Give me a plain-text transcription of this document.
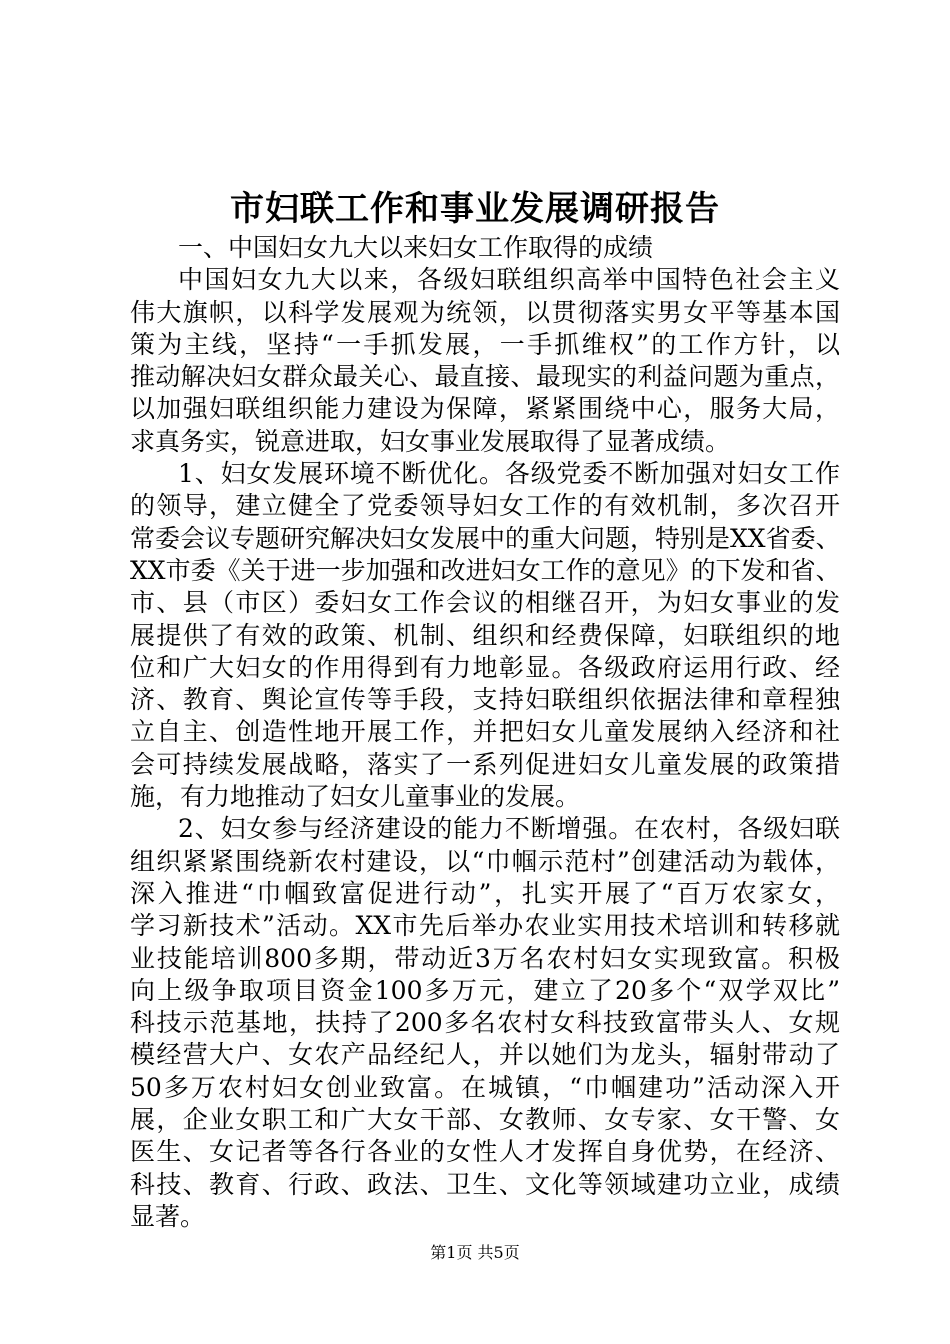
市妇联工作和事业发展调研报告
一、中国妇女九大以来妇女工作取得的成绩
中国妇女九大以来，各级妇联组织高举中国特色社会主义
伟大旗帜，以科学发展观为统领，以贯彻落实男女平等基本国
策为主线，坚持“一手抓发展，一手抓维权”的工作方针，以
推动解决妇女群众最关心、最直接、最现实的利益问题为重点，
以加强妇联组织能力建设为保障，紧紧围绕中心，服务大局，
求真务实，锐意进取，妇女事业发展取得了显著成绩。
1、妇女发展环境不断优化。各级党委不断加强对妇女工作
的领导，建立健全了党委领导妇女工作的有效机制，多次召开
常委会议专题研究解决妇女发展中的重大问题，特别是XX省委、
XX市委《关于进一步加强和改进妇女工作的意见》的下发和省、
市、县（市区）委妇女工作会议的相继召开，为妇女事业的发
展提供了有效的政策、机制、组织和经费保障，妇联组织的地
位和广大妇女的作用得到有力地彰显。各级政府运用行政、经
济、教育、舆论宣传等手段，支持妇联组织依据法律和章程独
立自主、创造性地开展工作，并把妇女儿童发展纳入经济和社
会可持续发展战略，落实了一系列促进妇女儿童发展的政策措
施，有力地推动了妇女儿童事业的发展。
2、妇女参与经济建设的能力不断增强。在农村，各级妇联
组织紧紧围绕新农村建设，以“巾帼示范村”创建活动为载体，
深入推进“巾帼致富促进行动”，扎实开展了“百万农家女，
学习新技术”活动。XX市先后举办农业实用技术培训和转移就
业技能培训800多期，带动近3万名农村妇女实现致富。积极
向上级争取项目资金100多万元，建立了20多个“双学双比”
科技示范基地，扶持了200多名农村女科技致富带头人、女规
模经营大户、女农产品经纪人，并以她们为龙头，辐射带动了
50多万农村妇女创业致富。在城镇，“巾帼建功”活动深入开
展，企业女职工和广大女干部、女教师、女专家、女干警、女
医生、女记者等各行各业的女性人才发挥自身优势，在经济、
科技、教育、行政、政法、卫生、文化等领域建功立业，成绩
显著。
第1页 共5页
